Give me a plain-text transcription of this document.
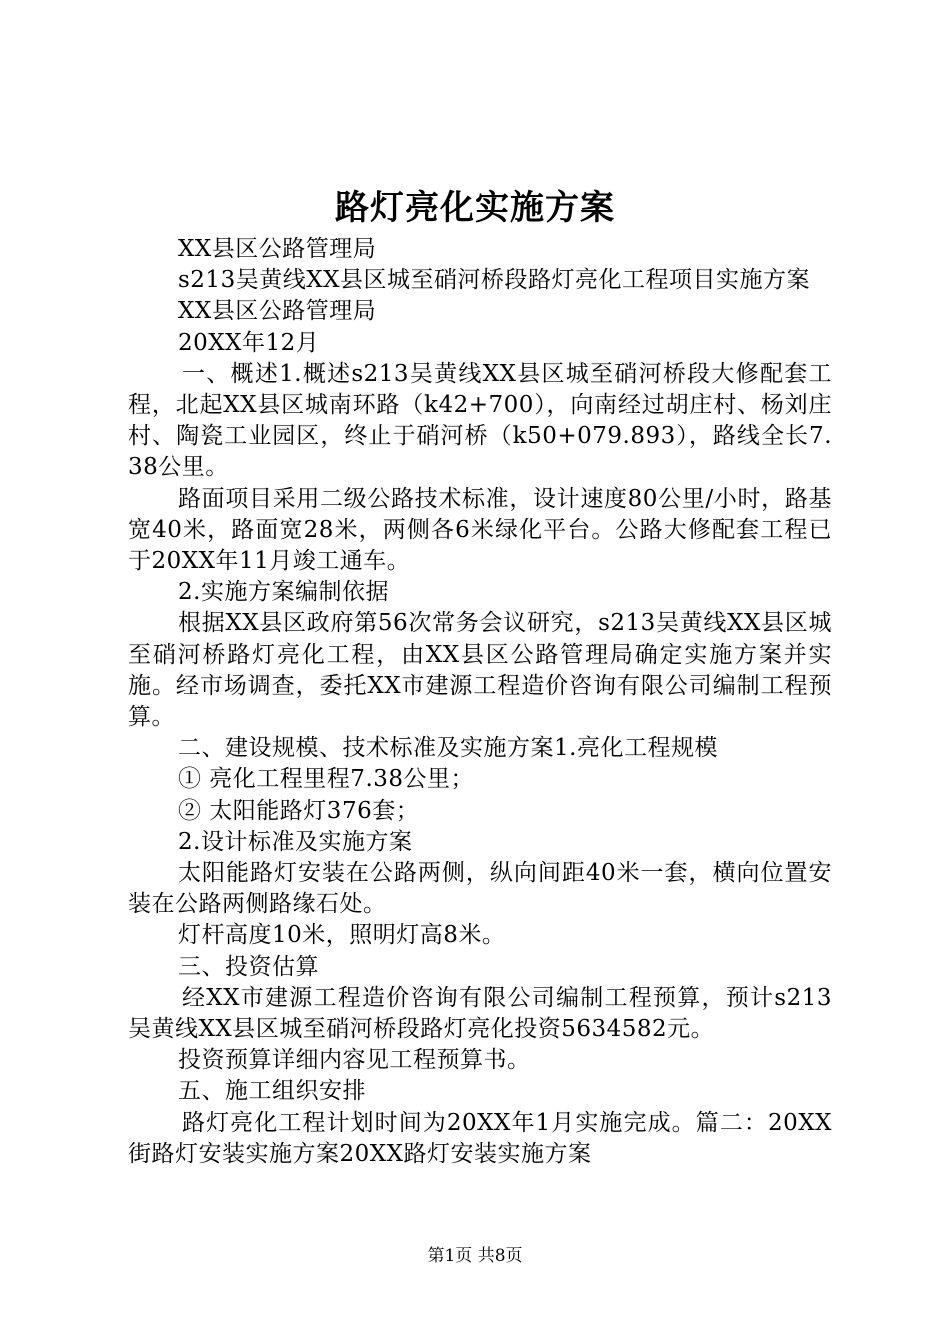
路灯亮化实施方案

XX县区公路管理局

s213吴黄线XX县区城至硝河桥段路灯亮化工程项目实施方案

XX县区公路管理局

20XX年12月

一、概述1.概述s213吴黄线XX县区城至硝河桥段大修配套工程，北起XX县区城南环路（k42+700），向南经过胡庄村、杨刘庄村、陶瓷工业园区，终止于硝河桥（k50+079.893），路线全长7.38公里。

路面项目采用二级公路技术标准，设计速度80公里/小时，路基宽40米，路面宽28米，两侧各6米绿化平台。公路大修配套工程已于20XX年11月竣工通车。

2.实施方案编制依据

根据XX县区政府第56次常务会议研究，s213吴黄线XX县区城至硝河桥路灯亮化工程，由XX县区公路管理局确定实施方案并实施。经市场调查，委托XX市建源工程造价咨询有限公司编制工程预算。

二、建设规模、技术标准及实施方案1.亮化工程规模

① 亮化工程里程7.38公里；

② 太阳能路灯376套；

2.设计标准及实施方案

太阳能路灯安装在公路两侧，纵向间距40米一套，横向位置安装在公路两侧路缘石处。

灯杆高度10米，照明灯高8米。

三、投资估算

经XX市建源工程造价咨询有限公司编制工程预算，预计s213吴黄线XX县区城至硝河桥段路灯亮化投资5634582元。

投资预算详细内容见工程预算书。

五、施工组织安排

路灯亮化工程计划时间为20XX年1月实施完成。篇二：20XX街路灯安装实施方案20XX路灯安装实施方案

第1页 共8页
